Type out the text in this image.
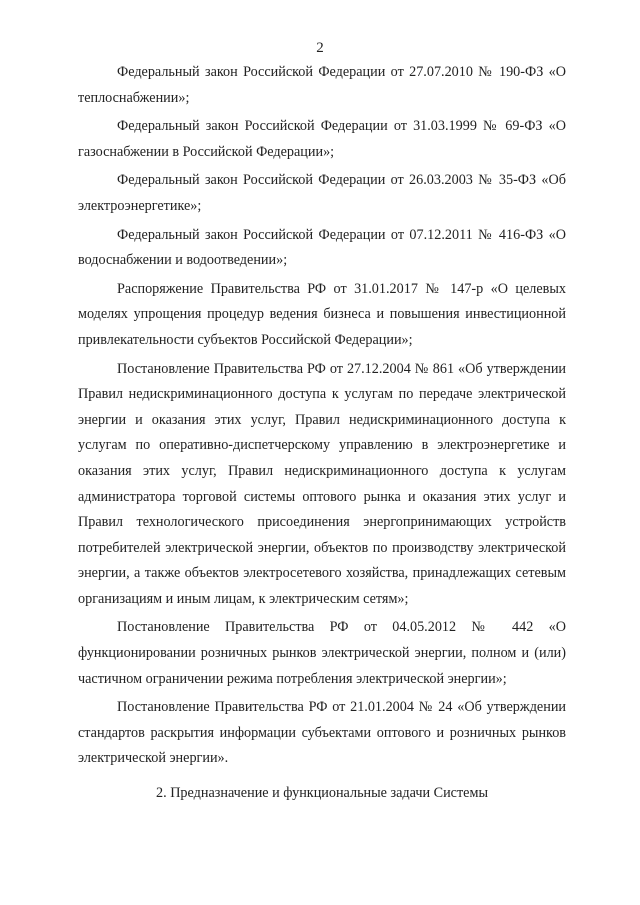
2

Федеральный закон Российской Федерации от 27.07.2010 № 190-ФЗ «О теплоснабжении»;

Федеральный закон Российской Федерации от 31.03.1999 № 69-ФЗ «О газоснабжении в Российской Федерации»;

Федеральный закон Российской Федерации от 26.03.2003 № 35-ФЗ «Об электроэнергетике»;

Федеральный закон Российской Федерации от 07.12.2011 № 416-ФЗ «О водоснабжении и водоотведении»;

Распоряжение Правительства РФ от 31.01.2017 № 147-р «О целевых моделях упрощения процедур ведения бизнеса и повышения инвестиционной привлекательности субъектов Российской Федерации»;

Постановление Правительства РФ от 27.12.2004 № 861 «Об утверждении Правил недискриминационного доступа к услугам по передаче электрической энергии и оказания этих услуг, Правил недискриминационного доступа к услугам по оперативно-диспетчерскому управлению в электроэнергетике и оказания этих услуг, Правил недискриминационного доступа к услугам администратора торговой системы оптового рынка и оказания этих услуг и Правил технологического присоединения энергопринимающих устройств потребителей электрической энергии, объектов по производству электрической энергии, а также объектов электросетевого хозяйства, принадлежащих сетевым организациям и иным лицам, к электрическим сетям»;

Постановление Правительства РФ от 04.05.2012 № 442 «О функционировании розничных рынков электрической энергии, полном и (или) частичном ограничении режима потребления электрической энергии»;

Постановление Правительства РФ от 21.01.2004 № 24 «Об утверждении стандартов раскрытия информации субъектами оптового и розничных рынков электрической энергии».

2. Предназначение и функциональные задачи Системы
